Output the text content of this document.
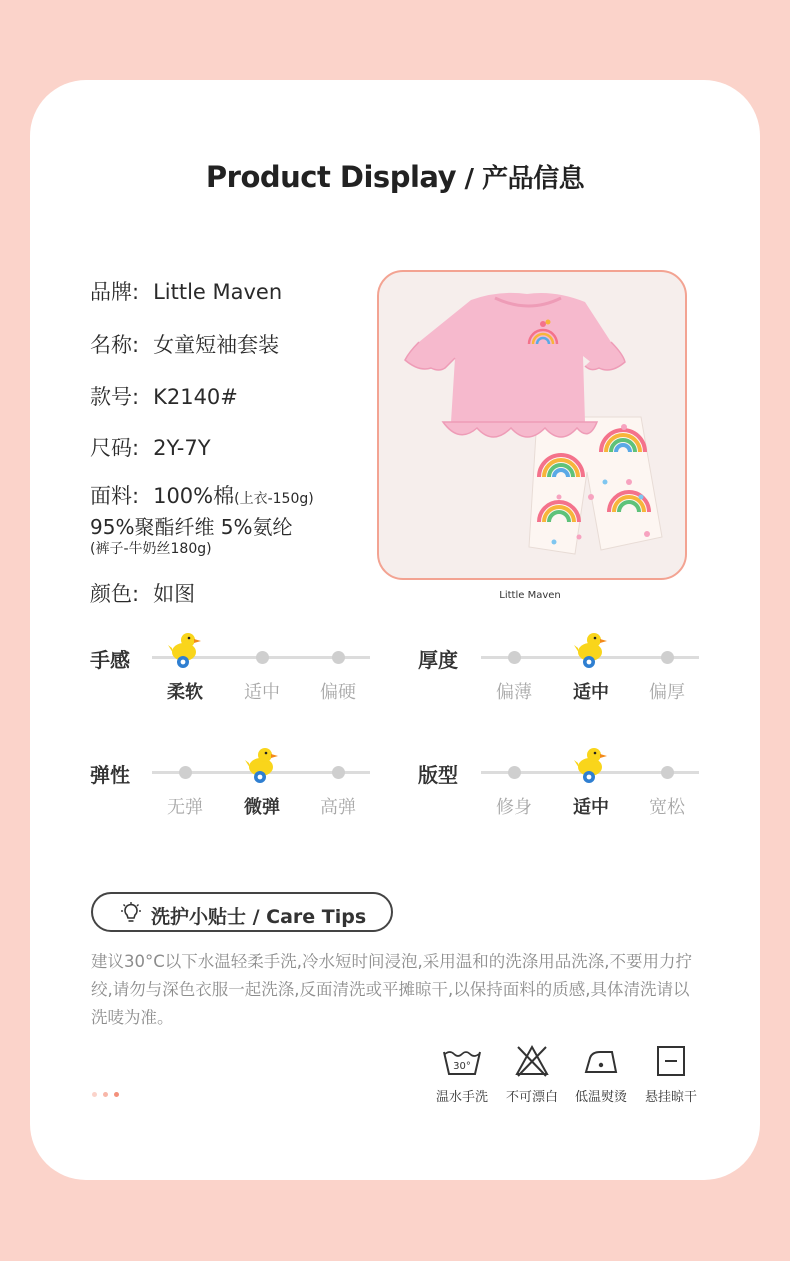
Product Display / 产品信息
品牌: Little Maven
名称: 女童短袖套装
款号: K2140#
尺码: 2Y-7Y
面料: 100%棉(上衣-150g)
95%聚酯纤维 5%氨纶
(裤子-牛奶丝180g)
颜色: 如图	Little Maven
手感
柔软	适中	偏硬
厚度
偏薄	适中	偏厚
弹性
无弹	微弹	高弹
版型
修身	适中	宽松
洗护小贴士 / Care Tips
建议30°C以下水温轻柔手洗,冷水短时间浸泡,采用温和的洗涤用品洗涤,不要用力拧绞,请勿与深色衣服一起洗涤,反面清洗或平摊晾干,以保持面料的质感,具体清洗请以洗唛为准。
30°
温水手洗	不可漂白	低温熨烫	悬挂晾干
